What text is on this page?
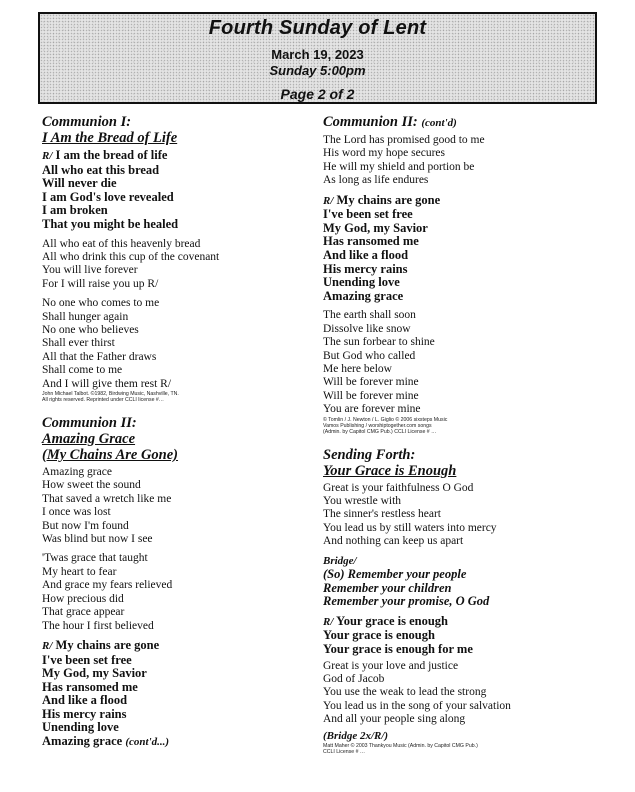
Fourth Sunday of Lent
March 19, 2023
Sunday 5:00pm
Page 2 of 2
Communion I:
I Am the Bread of Life
R/ I am the bread of life
All who eat this bread
Will never die
I am God's love revealed
I am broken
That you might be healed
All who eat of this heavenly bread
All who drink this cup of the covenant
You will live forever
For I will raise you up R/
No one who comes to me
Shall hunger again
No one who believes
Shall ever thirst
All that the Father draws
Shall come to me
And I will give them rest R/
John Michael Talbot. ©1982, Birdwing Music, Nashville, TN.
All rights reserved. Reprinted under CCLI license #…
Communion II:
Amazing Grace
(My Chains Are Gone)
Amazing grace
How sweet the sound
That saved a wretch like me
I once was lost
But now I'm found
Was blind but now I see
'Twas grace that taught
My heart to fear
And grace my fears relieved
How precious did
That grace appear
The hour I first believed
R/ My chains are gone
I've been set free
My God, my Savior
Has ransomed me
And like a flood
His mercy rains
Unending love
Amazing grace (cont'd...)
Communion II: (cont'd)
The Lord has promised good to me
His word my hope secures
He will my shield and portion be
As long as life endures
R/ My chains are gone
I've been set free
My God, my Savior
Has ransomed me
And like a flood
His mercy rains
Unending love
Amazing grace
The earth shall soon
Dissolve like snow
The sun forbear to shine
But God who called
Me here below
Will be forever mine
Will be forever mine
You are forever mine
© Tomlin / J. Newton / L. Giglio © 2006 sixsteps Music
Vamos Publishing / worshiptogether.com songs
(Admin. by Capitol CMG Pub.) CCLI License # …
Sending Forth:
Your Grace is Enough
Great is your faithfulness O God
You wrestle with
The sinner's restless heart
You lead us by still waters into mercy
And nothing can keep us apart
Bridge/
(So) Remember your people
Remember your children
Remember your promise, O God
R/ Your grace is enough
Your grace is enough
Your grace is enough for me
Great is your love and justice
God of Jacob
You use the weak to lead the strong
You lead us in the song of your salvation
And all your people sing along
(Bridge 2x/R/)
Matt Maher © 2003 Thankyou Music (Admin. by Capitol CMG Pub.)
CCLI License # …
